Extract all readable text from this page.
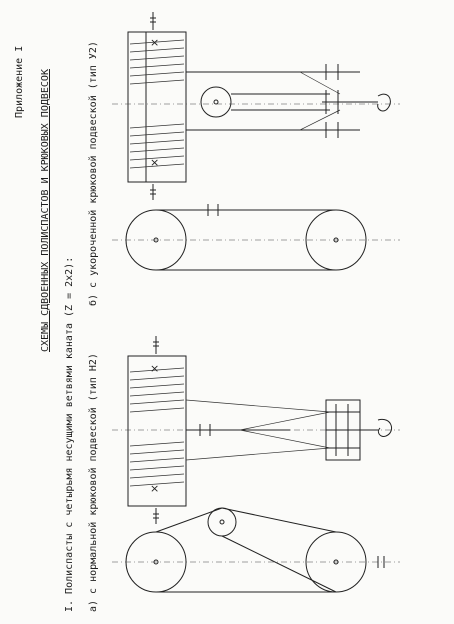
Приложение I СХЕМЫ СДВОЕННЫХ ПОЛИСПАСТОВ И КРЮКОВЫХ ПОДВЕСОК
I. Полиспасты с четырьмя несущими ветвями каната (Z = 2x2): а) с нормальной крюковой подвеской (тип Н2)
б) с укороченной крюковой подвеской (тип У2)	×
×
×
×
